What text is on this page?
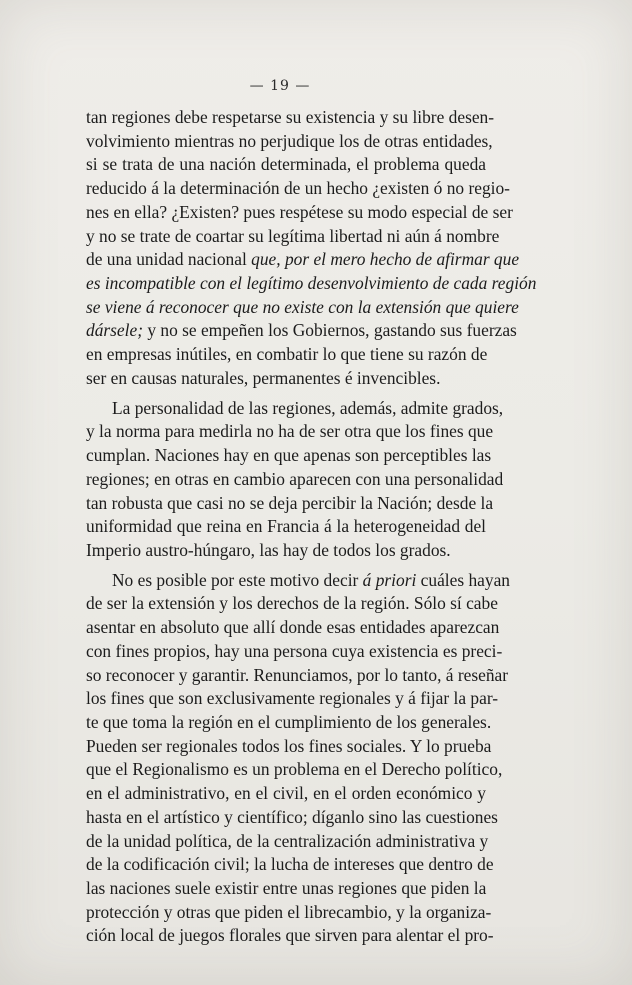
— 19 —
tan regiones debe respetarse su existencia y su libre desen-
volvimiento mientras no perjudique los de otras entidades,
si se trata de una nación determinada, el problema queda
reducido á la determinación de un hecho ¿existen ó no regio-
nes en ella? ¿Existen? pues respétese su modo especial de ser
y no se trate de coartar su legítima libertad ni aún á nombre
de una unidad nacional que, por el mero hecho de afirmar que
es incompatible con el legítimo desenvolvimiento de cada región
se viene á reconocer que no existe con la extensión que quiere
dársele; y no se empeñen los Gobiernos, gastando sus fuerzas
en empresas inútiles, en combatir lo que tiene su razón de
ser en causas naturales, permanentes é invencibles.
La personalidad de las regiones, además, admite grados,
y la norma para medirla no ha de ser otra que los fines que
cumplan. Naciones hay en que apenas son perceptibles las
regiones; en otras en cambio aparecen con una personalidad
tan robusta que casi no se deja percibir la Nación; desde la
uniformidad que reina en Francia á la heterogeneidad del
Imperio austro-húngaro, las hay de todos los grados.
No es posible por este motivo decir á priori cuáles hayan
de ser la extensión y los derechos de la región. Sólo sí cabe
asentar en absoluto que allí donde esas entidades aparezcan
con fines propios, hay una persona cuya existencia es preci-
so reconocer y garantir. Renunciamos, por lo tanto, á reseñar
los fines que son exclusivamente regionales y á fijar la par-
te que toma la región en el cumplimiento de los generales.
Pueden ser regionales todos los fines sociales. Y lo prueba
que el Regionalismo es un problema en el Derecho político,
en el administrativo, en el civil, en el orden económico y
hasta en el artístico y científico; díganlo sino las cuestiones
de la unidad política, de la centralización administrativa y
de la codificación civil; la lucha de intereses que dentro de
las naciones suele existir entre unas regiones que piden la
protección y otras que piden el librecambio, y la organiza-
ción local de juegos florales que sirven para alentar el pro-
